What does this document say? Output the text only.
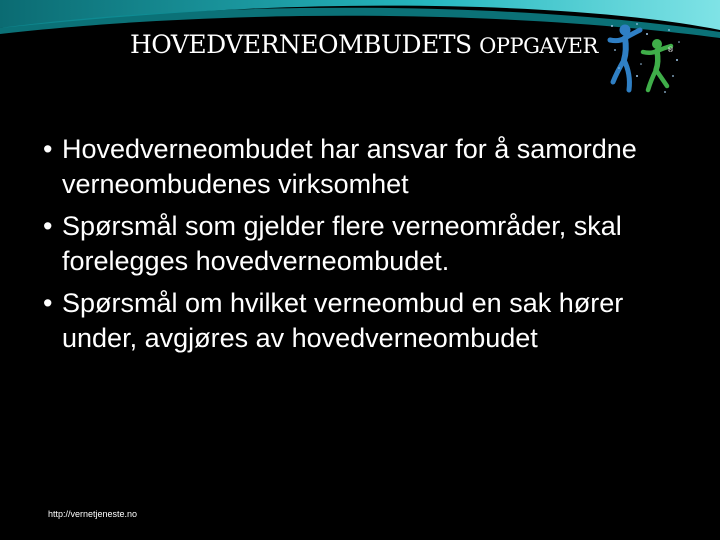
HOVEDVERNEOMBUDETS OPPGAVER	®
• Hovedverneombudet har ansvar for å samordne verneombudenes virksomhet
• Spørsmål som gjelder flere verneområder, skal forelegges hovedverneombudet.
• Spørsmål om hvilket verneombud en sak hører under, avgjøres av hovedverneombudet
http://vernetjeneste.no
